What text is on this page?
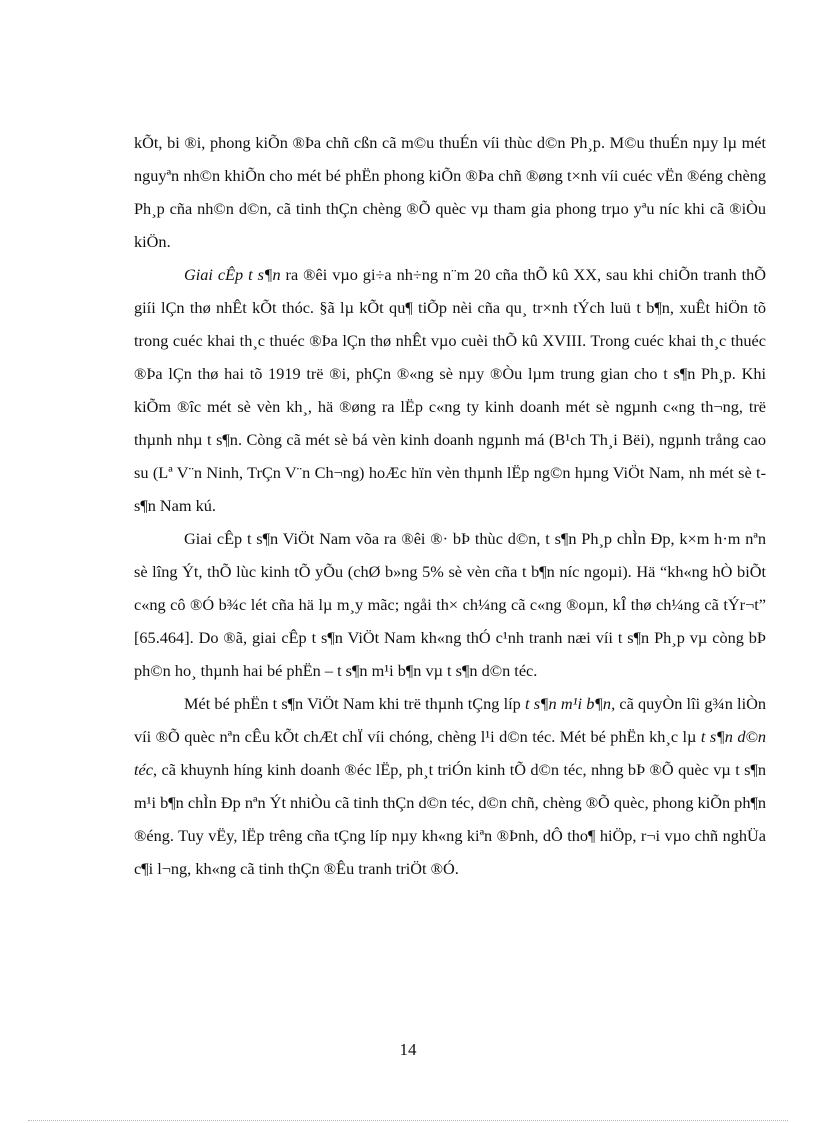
kÕt, bi ®i, phong kiÕn ®Þa chñ cßn cã m©u thuÉn víi thùc d©n Ph¸p. M©u thuÉn nµy lµ mét nguyªn nh©n khiÕn cho mét bé phËn phong kiÕn ®Þa chñ ®øng t×nh víi cuéc vËn ®éng chèng Ph¸p cña nh©n d©n, cã tinh thÇn chèng ®Õ quèc vµ tham gia phong trµo yªu níc khi cã ®iÒu kiÖn.

Giai cÊp t s¶n ra ®êi vµo gi÷a nh÷ng n¨m 20 cña thÕ kû XX, sau khi chiÕn tranh thÕ giíi lÇn thø nhÊt kÕt thóc. §ã lµ kÕt qu¶ tiÕp nèi cña qu¸ tr×nh tÝch luü t b¶n, xuÊt hiÖn tõ trong cuéc khai th¸c thuéc ®Þa lÇn thø nhÊt vµo cuèi thÕ kû XVIII. Trong cuéc khai th¸c thuéc ®Þa lÇn thø hai tõ 1919 trë ®i, phÇn ®«ng sè nµy ®Òu lµm trung gian cho t s¶n Ph¸p. Khi kiÕm ®îc mét sè vèn kh¸, hä ®øng ra lËp c«ng ty kinh doanh mét sè ngµnh c«ng th¬ng, trë thµnh nhµ t s¶n. Còng cã mét sè bá vèn kinh doanh ngµnh má (B¹ch Th¸i Bëi), ngµnh trång cao su (Lª V¨n Ninh, TrÇn V¨n Ch¬ng) hoÆc hïn vèn thµnh lËp ng©n hµng ViÖt Nam, nh mét sè t s¶n Nam kú.

Giai cÊp t s¶n ViÖt Nam võa ra ®êi ®· bÞ thùc d©n, t s¶n Ph¸p chÌn Ðp, k×m h·m nªn sè lîng Ýt, thÕ lùc kinh tÕ yÕu (chØ b»ng 5% sè vèn cña t b¶n níc ngoµi). Hä “kh«ng hÒ biÕt c«ng cô ®Ó b¾c lét cña hä lµ m¸y mãc; ngåi th× ch¼ng cã c«ng ®oµn, kÎ thø ch¼ng cã tÝr¬t” [65.464]. Do ®ã, giai cÊp t s¶n ViÖt Nam kh«ng thÓ c¹nh tranh næi víi t s¶n Ph¸p vµ còng bÞ ph©n ho¸ thµnh hai bé phËn – t s¶n m¹i b¶n vµ t s¶n d©n téc.

Mét bé phËn t s¶n ViÖt Nam khi trë thµnh tÇng líp t s¶n m¹i b¶n, cã quyÒn lîi g¾n liÒn víi ®Õ quèc nªn cÊu kÕt chÆt chÏ víi chóng, chèng l¹i d©n téc. Mét bé phËn kh¸c lµ t s¶n d©n téc, cã khuynh híng kinh doanh ®éc lËp, ph¸t triÓn kinh tÕ d©n téc, nhng bÞ ®Õ quèc vµ t s¶n m¹i b¶n chÌn Ðp nªn Ýt nhiÒu cã tinh thÇn d©n téc, d©n chñ, chèng ®Õ quèc, phong kiÕn ph¶n ®éng. Tuy vËy, lËp trêng cña tÇng líp nµy kh«ng kiªn ®Þnh, dÔ tho¶ hiÖp, r¬i vµo chñ nghÜa c¶i l¬ng, kh«ng cã tinh thÇn ®Êu tranh triÖt ®Ó.

14
